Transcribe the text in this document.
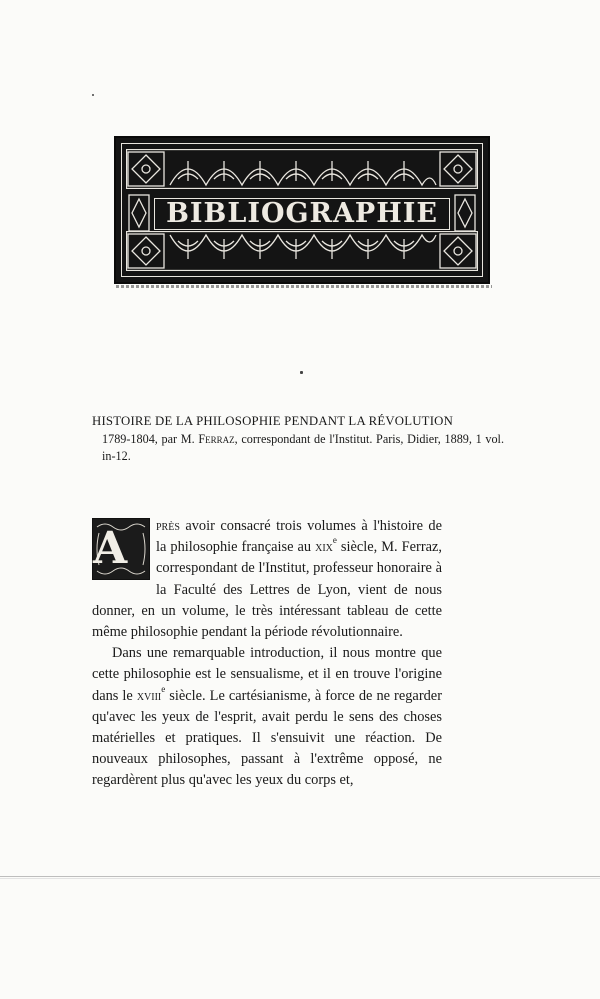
BIBLIOGRAPHIE
HISTOIRE DE LA PHILOSOPHIE PENDANT LA RÉVOLUTION

1789-1804, par M. Ferraz, correspondant de l'Institut. Paris, Didier, 1889, 1 vol. in-12.

A	près avoir consacré trois volumes à l'histoire de la philosophie française au xix$^e$ siècle, M. Ferraz, correspondant de l'Institut, professeur honoraire à la Faculté des Lettres de Lyon, vient de nous donner, en un volume, le très intéressant tableau de cette même philosophie pendant la période révolutionnaire.

Dans une remarquable introduction, il nous montre que cette philosophie est le sensualisme, et il en trouve l'origine dans le xviii$^e$ siècle. Le cartésianisme, à force de ne regarder qu'avec les yeux de l'esprit, avait perdu le sens des choses matérielles et pratiques. Il s'ensuivit une réaction. De nouveaux philosophes, passant à l'extrême opposé, ne regardèrent plus qu'avec les yeux du corps et,
